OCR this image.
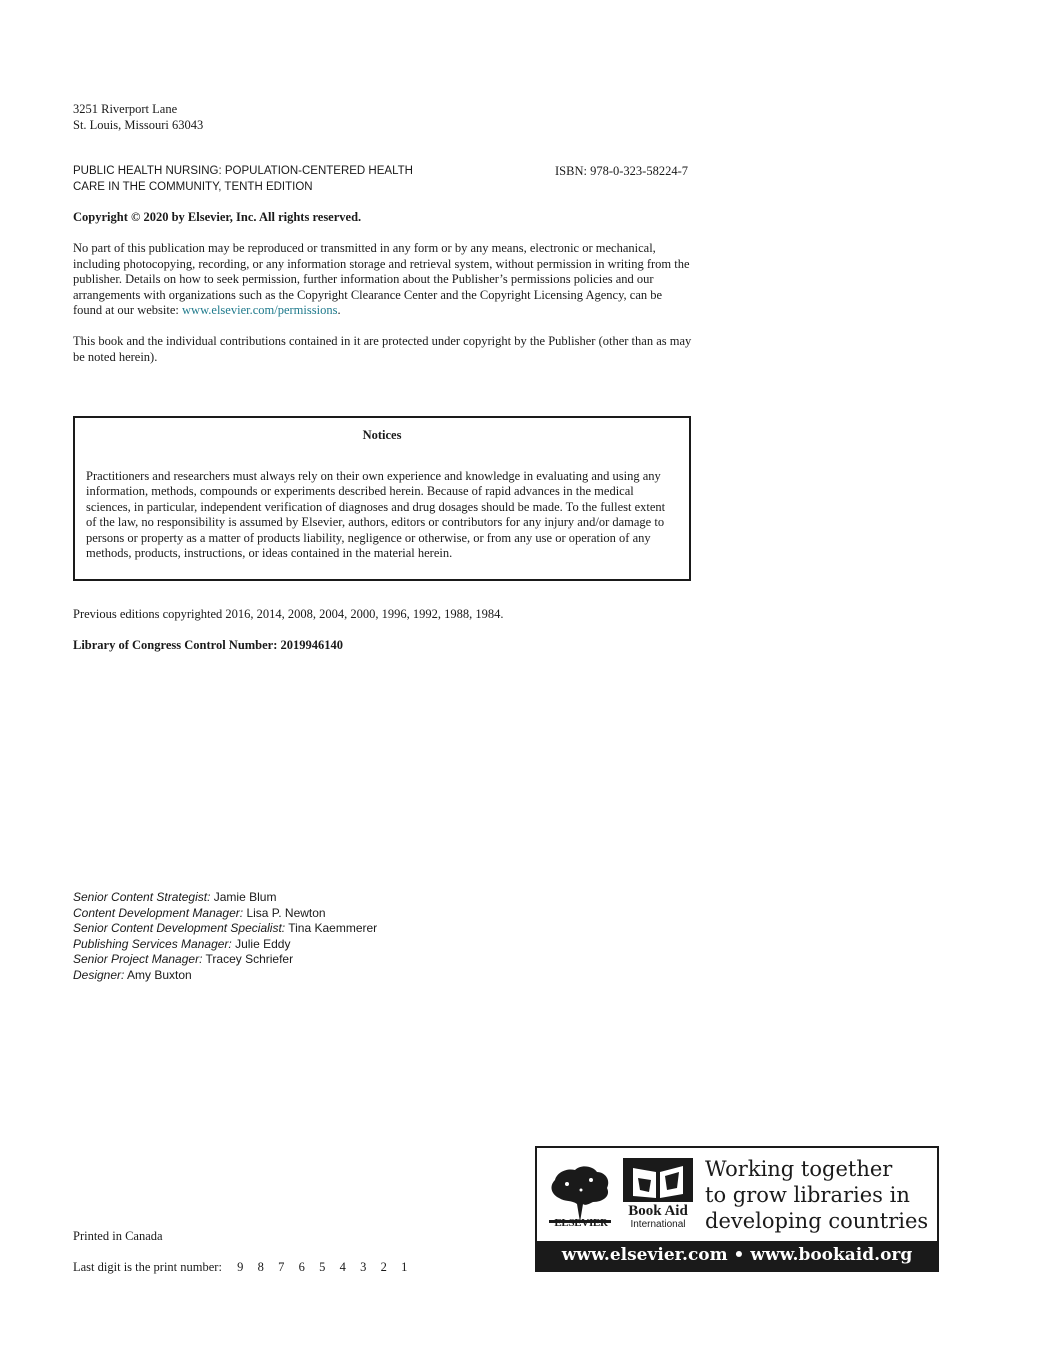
3251 Riverport Lane

St. Louis, Missouri 63043

PUBLIC HEALTH NURSING: POPULATION-CENTERED HEALTH

CARE IN THE COMMUNITY, TENTH EDITION

ISBN: 978-0-323-58224-7
Copyright © 2020 by Elsevier, Inc. All rights reserved.
No part of this publication may be reproduced or transmitted in any form or by any means, electronic or mechanical, including photocopying, recording, or any information storage and retrieval system, without permission in writing from the publisher. Details on how to seek permission, further information about the Publisher’s permissions policies and our arrangements with organizations such as the Copyright Clearance Center and the Copyright Licensing Agency, can be found at our website: www.elsevier.com/permissions.
This book and the individual contributions contained in it are protected under copyright by the Publisher (other than as may be noted herein).
Notices
Practitioners and researchers must always rely on their own experience and knowledge in evaluating and using any information, methods, compounds or experiments described herein. Because of rapid advances in the medical sciences, in particular, independent verification of diagnoses and drug dosages should be made. To the fullest extent of the law, no responsibility is assumed by Elsevier, authors, editors or contributors for any injury and/or damage to persons or property as a matter of products liability, negligence or otherwise, or from any use or operation of any methods, products, instructions, or ideas contained in the material herein.
Previous editions copyrighted 2016, 2014, 2008, 2004, 2000, 1996, 1992, 1988, 1984.
Library of Congress Control Number: 2019946140

Senior Content Strategist: Jamie Blum

Content Development Manager: Lisa P. Newton

Senior Content Development Specialist: Tina Kaemmerer

Publishing Services Manager: Julie Eddy

Senior Project Manager: Tracey Schriefer

Designer: Amy Buxton

Printed in Canada
Last digit is the print number: 9 8 7 6 5 4 3 2 1
ELSEVIER
Book Aid
International
Working together
to grow libraries in
developing countries
www.elsevier.com • www.bookaid.org
